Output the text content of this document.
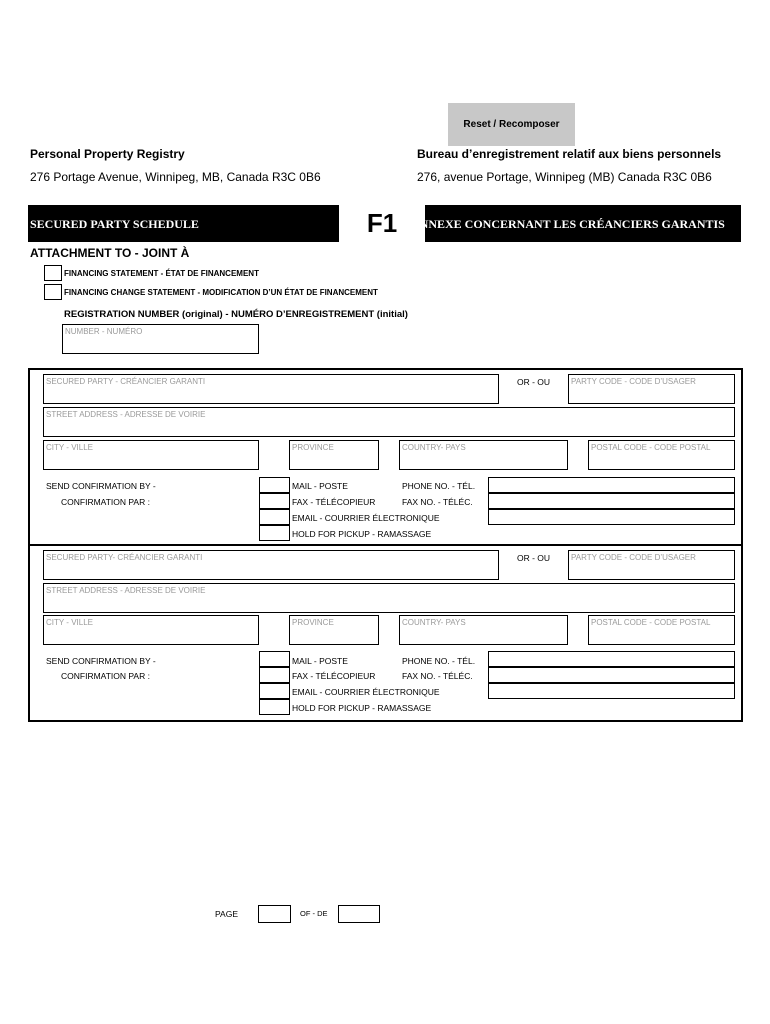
Reset / Recomposer
Personal Property Registry
276 Portage Avenue, Winnipeg, MB, Canada R3C 0B6
Bureau d’enregistrement relatif aux biens personnels
276, avenue Portage, Winnipeg (MB) Canada R3C 0B6
SECURED PARTY SCHEDULE	F1	ANNEXE CONCERNANT LES CRÉANCIERS GARANTIS
ATTACHMENT TO - JOINT À
FINANCING STATEMENT - ÉTAT DE FINANCEMENT
FINANCING CHANGE STATEMENT - MODIFICATION D’UN ÉTAT DE FINANCEMENT
REGISTRATION NUMBER (original) - NUMÉRO D’ENREGISTREMENT (initial)
NUMBER - NUMÉRO
SECURED PARTY - CRÉANCIER GARANTI	OR - OU	PARTY CODE - CODE D’USAGER
STREET ADDRESS - ADRESSE DE VOIRIE
CITY - VILLE	PROVINCE	COUNTRY- PAYS	POSTAL CODE - CODE POSTAL
SEND CONFIRMATION BY -
CONFIRMATION PAR :
MAIL - POSTE
FAX - TÉLÉCOPIEUR
EMAIL - COURRIER ÉLECTRONIQUE
HOLD FOR PICKUP - RAMASSAGE
PHONE NO. - TÉL.
FAX NO. - TÉLÉC.
SECURED PARTY- CRÉANCIER GARANTI	OR - OU	PARTY CODE - CODE D’USAGER
STREET ADDRESS - ADRESSE DE VOIRIE
CITY - VILLE	PROVINCE	COUNTRY- PAYS	POSTAL CODE - CODE POSTAL
SEND CONFIRMATION BY -
CONFIRMATION PAR :
MAIL - POSTE
FAX - TÉLÉCOPIEUR
EMAIL - COURRIER ÉLECTRONIQUE
HOLD FOR PICKUP - RAMASSAGE
PHONE NO. - TÉL.
FAX NO. - TÉLÉC.
PAGE	OF - DE
